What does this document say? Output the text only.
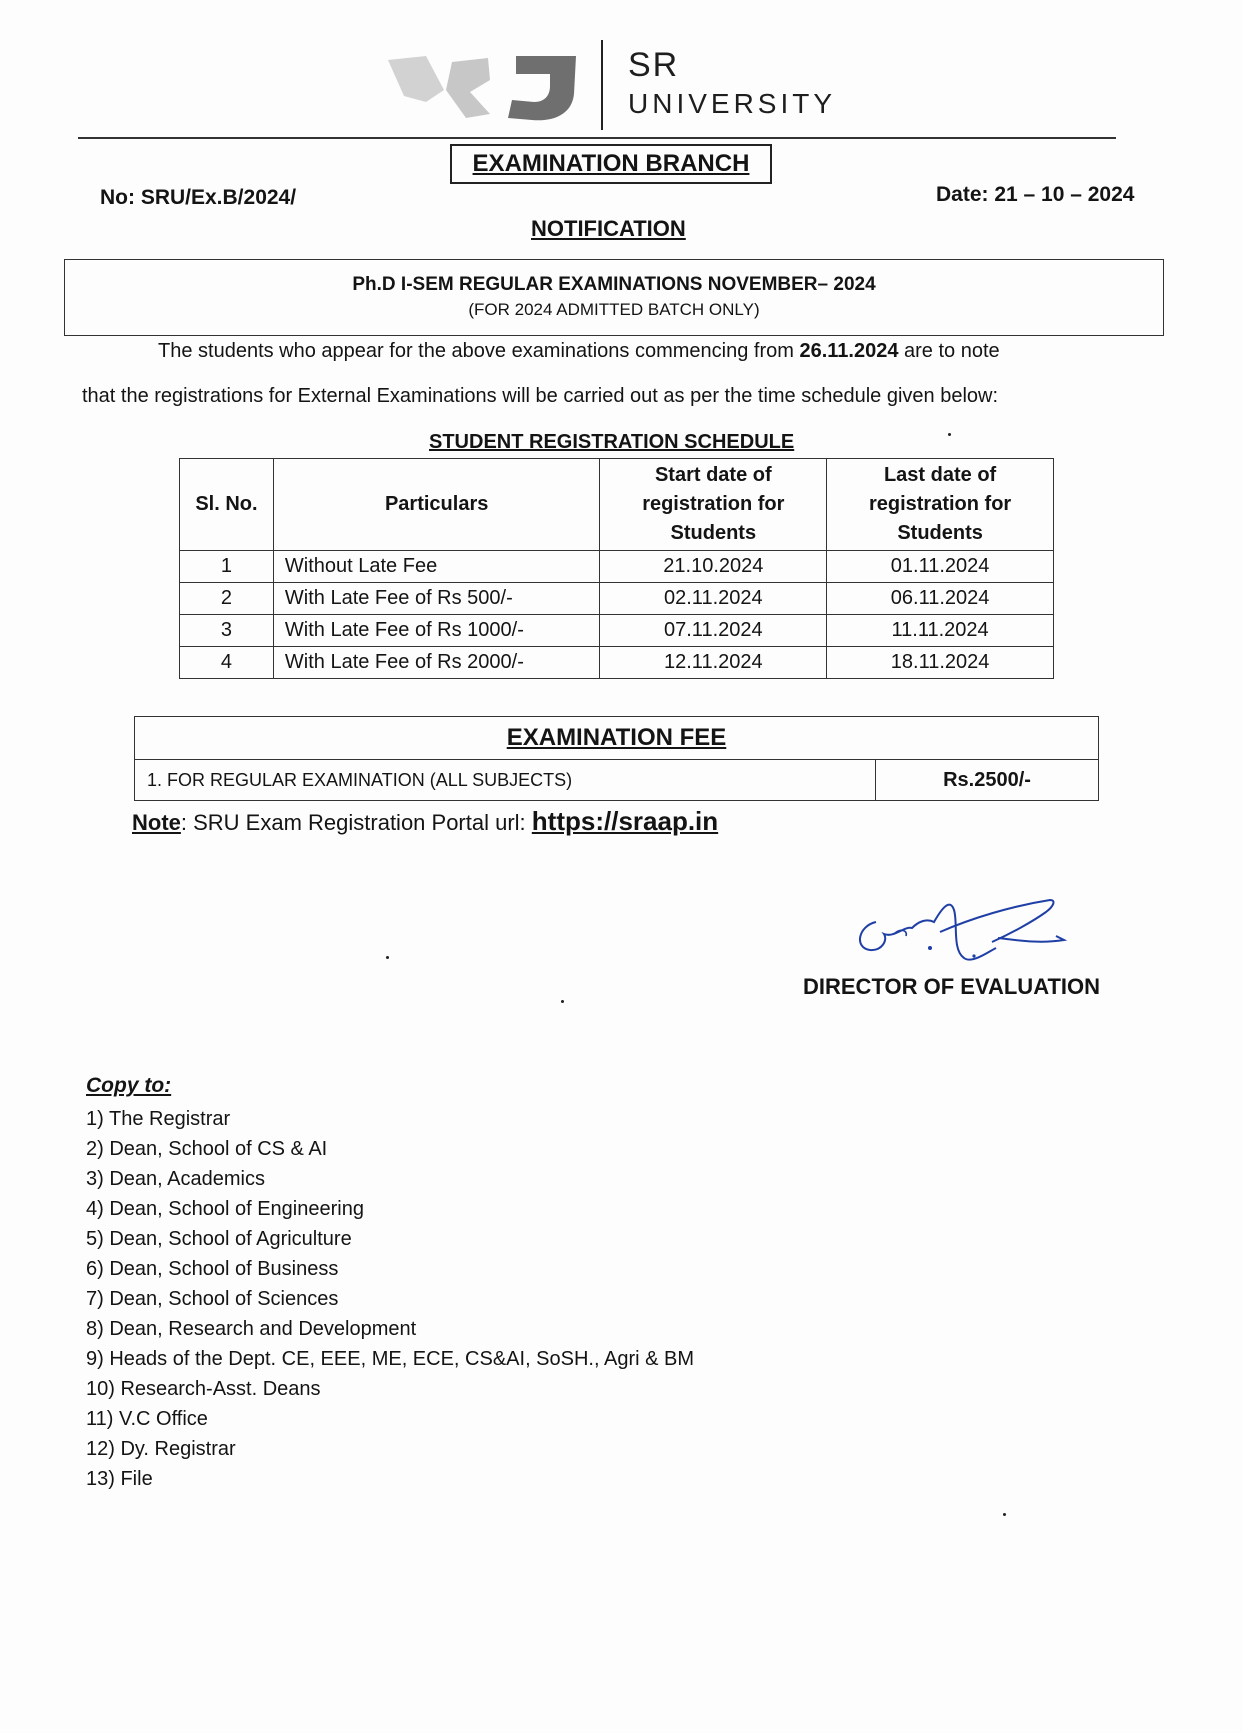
SR
UNIVERSITY
EXAMINATION BRANCH
No: SRU/Ex.B/2024/	Date: 21 – 10 – 2024
NOTIFICATION
Ph.D I-SEM REGULAR EXAMINATIONS NOVEMBER– 2024
(FOR 2024 ADMITTED BATCH ONLY)
The students who appear for the above examinations commencing from 26.11.2024 are to note
that the registrations for External Examinations will be carried out as per the time schedule given below:
STUDENT REGISTRATION SCHEDULE
Sl. No.	Particulars	Start date of registration for Students	Last date of registration for Students
1	Without Late Fee	21.10.2024	01.11.2024
2	With Late Fee of Rs 500/-	02.11.2024	06.11.2024
3	With Late Fee of Rs 1000/-	07.11.2024	11.11.2024
4	With Late Fee of Rs 2000/-	12.11.2024	18.11.2024
EXAMINATION FEE
1. FOR REGULAR EXAMINATION (ALL SUBJECTS)	Rs.2500/-
Note: SRU Exam Registration Portal url: https://sraap.in
DIRECTOR OF EVALUATION
Copy to:
1) The Registrar
2) Dean, School of CS & AI
3) Dean, Academics
4) Dean, School of Engineering
5) Dean, School of Agriculture
6) Dean, School of Business
7) Dean, School of Sciences
8) Dean, Research and Development
9) Heads of the Dept. CE, EEE, ME, ECE, CS&AI, SoSH., Agri & BM
10) Research-Asst. Deans
11) V.C Office
12) Dy. Registrar
13) File
